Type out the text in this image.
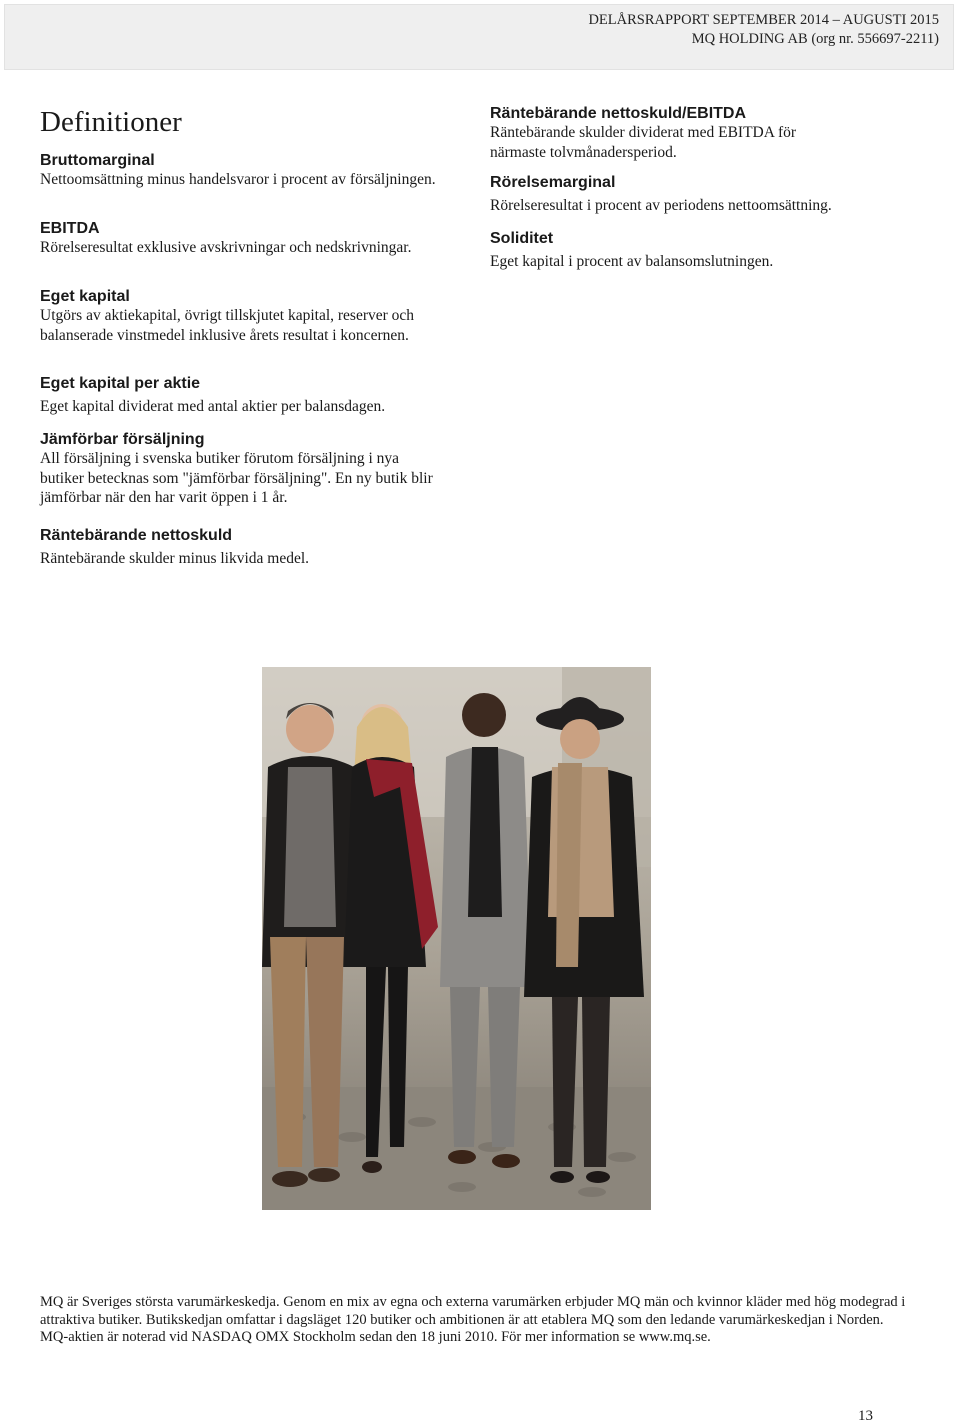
DELÅRSRAPPORT SEPTEMBER 2014 – AUGUSTI 2015
MQ HOLDING AB (org nr. 556697-2211)
Definitioner
Bruttomarginal

Nettoomsättning minus handelsvaror i procent av försäljningen.

EBITDA

Rörelseresultat exklusive avskrivningar och nedskrivningar.

Eget kapital

Utgörs av aktiekapital, övrigt tillskjutet kapital, reserver och balanserade vinstmedel inklusive årets resultat i koncernen.

Eget kapital per aktie

Eget kapital dividerat med antal aktier per balansdagen.

Jämförbar försäljning

All försäljning i svenska butiker förutom försäljning i nya butiker betecknas som "jämförbar försäljning". En ny butik blir jämförbar när den har varit öppen i 1 år.

Räntebärande nettoskuld

Räntebärande skulder minus likvida medel.

Räntebärande nettoskuld/EBITDA

Räntebärande skulder dividerat med EBITDA för närmaste tolvmånadersperiod.

Rörelsemarginal

Rörelseresultat i procent av periodens nettoomsättning.

Soliditet

Eget kapital i procent av balansomslutningen.

MQ är Sveriges största varumärkeskedja. Genom en mix av egna och externa varumärken erbjuder MQ män och kvinnor kläder med hög modegrad i attraktiva butiker. Butikskedjan omfattar i dagsläget 120 butiker och ambitionen är att etablera MQ som den ledande varumärkeskedjan i Norden. MQ-aktien är noterad vid NASDAQ OMX Stockholm sedan den 18 juni 2010. För mer information se www.mq.se.

13
